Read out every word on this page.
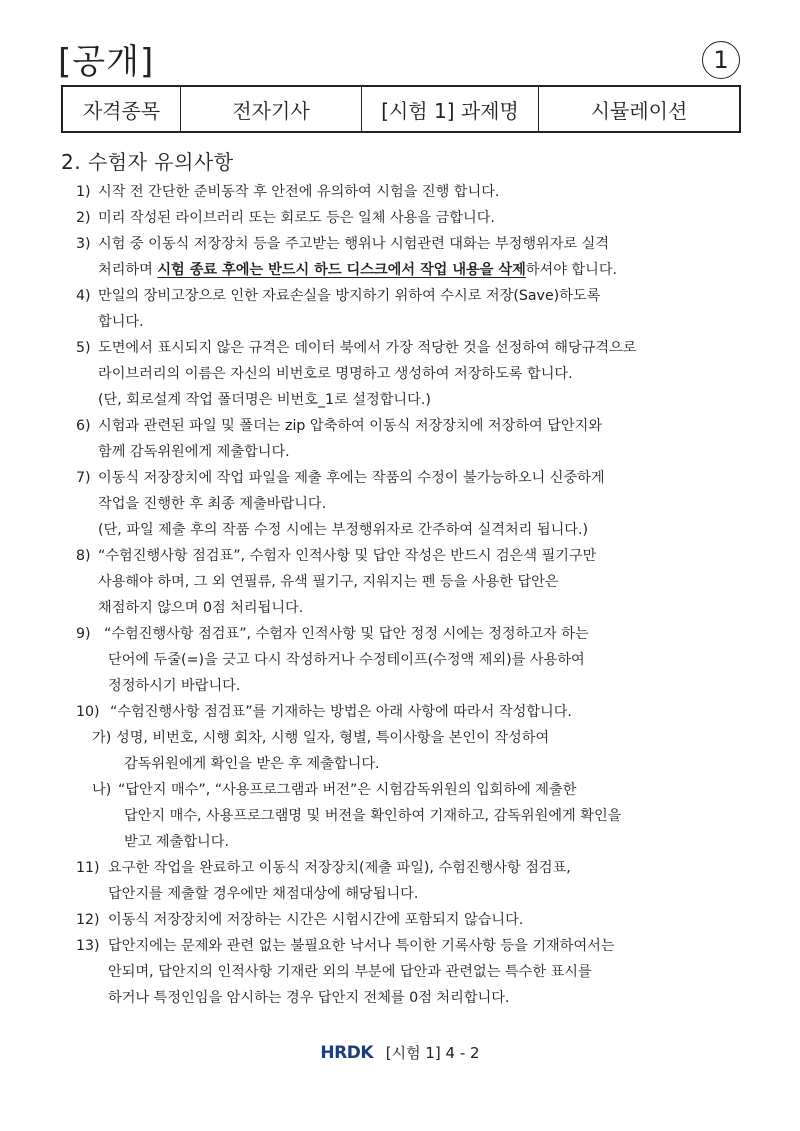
[공개]	1
자격종목	전자기사	[시험 1] 과제명	시뮬레이션
2. 수험자 유의사항
1) 시작 전 간단한 준비동작 후 안전에 유의하여 시험을 진행 합니다.
2) 미리 작성된 라이브러리 또는 회로도 등은 일체 사용을 금합니다.
3) 시험 중 이동식 저장장치 등을 주고받는 행위나 시험관련 대화는 부정행위자로 실격
처리하며 시험 종료 후에는 반드시 하드 디스크에서 작업 내용을 삭제하셔야 합니다.
4) 만일의 장비고장으로 인한 자료손실을 방지하기 위하여 수시로 저장(Save)하도록
합니다.
5) 도면에서 표시되지 않은 규격은 데이터 북에서 가장 적당한 것을 선정하여 해당규격으로
라이브러리의 이름은 자신의 비번호로 명명하고 생성하여 저장하도록 합니다.
(단, 회로설계 작업 폴더명은 비번호_1로 설정합니다.)
6) 시험과 관련된 파일 및 폴더는 zip 압축하여 이동식 저장장치에 저장하여 답안지와
함께 감독위원에게 제출합니다.
7) 이동식 저장장치에 작업 파일을 제출 후에는 작품의 수정이 불가능하오니 신중하게
작업을 진행한 후 최종 제출바랍니다.
(단, 파일 제출 후의 작품 수정 시에는 부정행위자로 간주하여 실격처리 됩니다.)
8) “수험진행사항 점검표”, 수험자 인적사항 및 답안 작성은 반드시 검은색 필기구만
사용해야 하며, 그 외 연필류, 유색 필기구, 지워지는 펜 등을 사용한 답안은
채점하지 않으며 0점 처리됩니다.
9) “수험진행사항 점검표”, 수험자 인적사항 및 답안 정정 시에는 정정하고자 하는
단어에 두줄(=)을 긋고 다시 작성하거나 수정테이프(수정액 제외)를 사용하여
정정하시기 바랍니다.
10) “수험진행사항 점검표”를 기재하는 방법은 아래 사항에 따라서 작성합니다.
가) 성명, 비번호, 시행 회차, 시행 일자, 형별, 특이사항을 본인이 작성하여
감독위원에게 확인을 받은 후 제출합니다.
나) “답안지 매수”, “사용프로그램과 버전”은 시험감독위원의 입회하에 제출한
답안지 매수, 사용프로그램명 및 버전을 확인하여 기재하고, 감독위원에게 확인을
받고 제출합니다.
11) 요구한 작업을 완료하고 이동식 저장장치(제출 파일), 수험진행사항 점검표,
답안지를 제출할 경우에만 채점대상에 해당됩니다.
12) 이동식 저장장치에 저장하는 시간은 시험시간에 포함되지 않습니다.
13) 답안지에는 문제와 관련 없는 불필요한 낙서나 특이한 기록사항 등을 기재하여서는
안되며, 답안지의 인적사항 기재란 외의 부분에 답안과 관련없는 특수한 표시를
하거나 특정인임을 암시하는 경우 답안지 전체를 0점 처리합니다.
HRDK [시험 1] 4 - 2
